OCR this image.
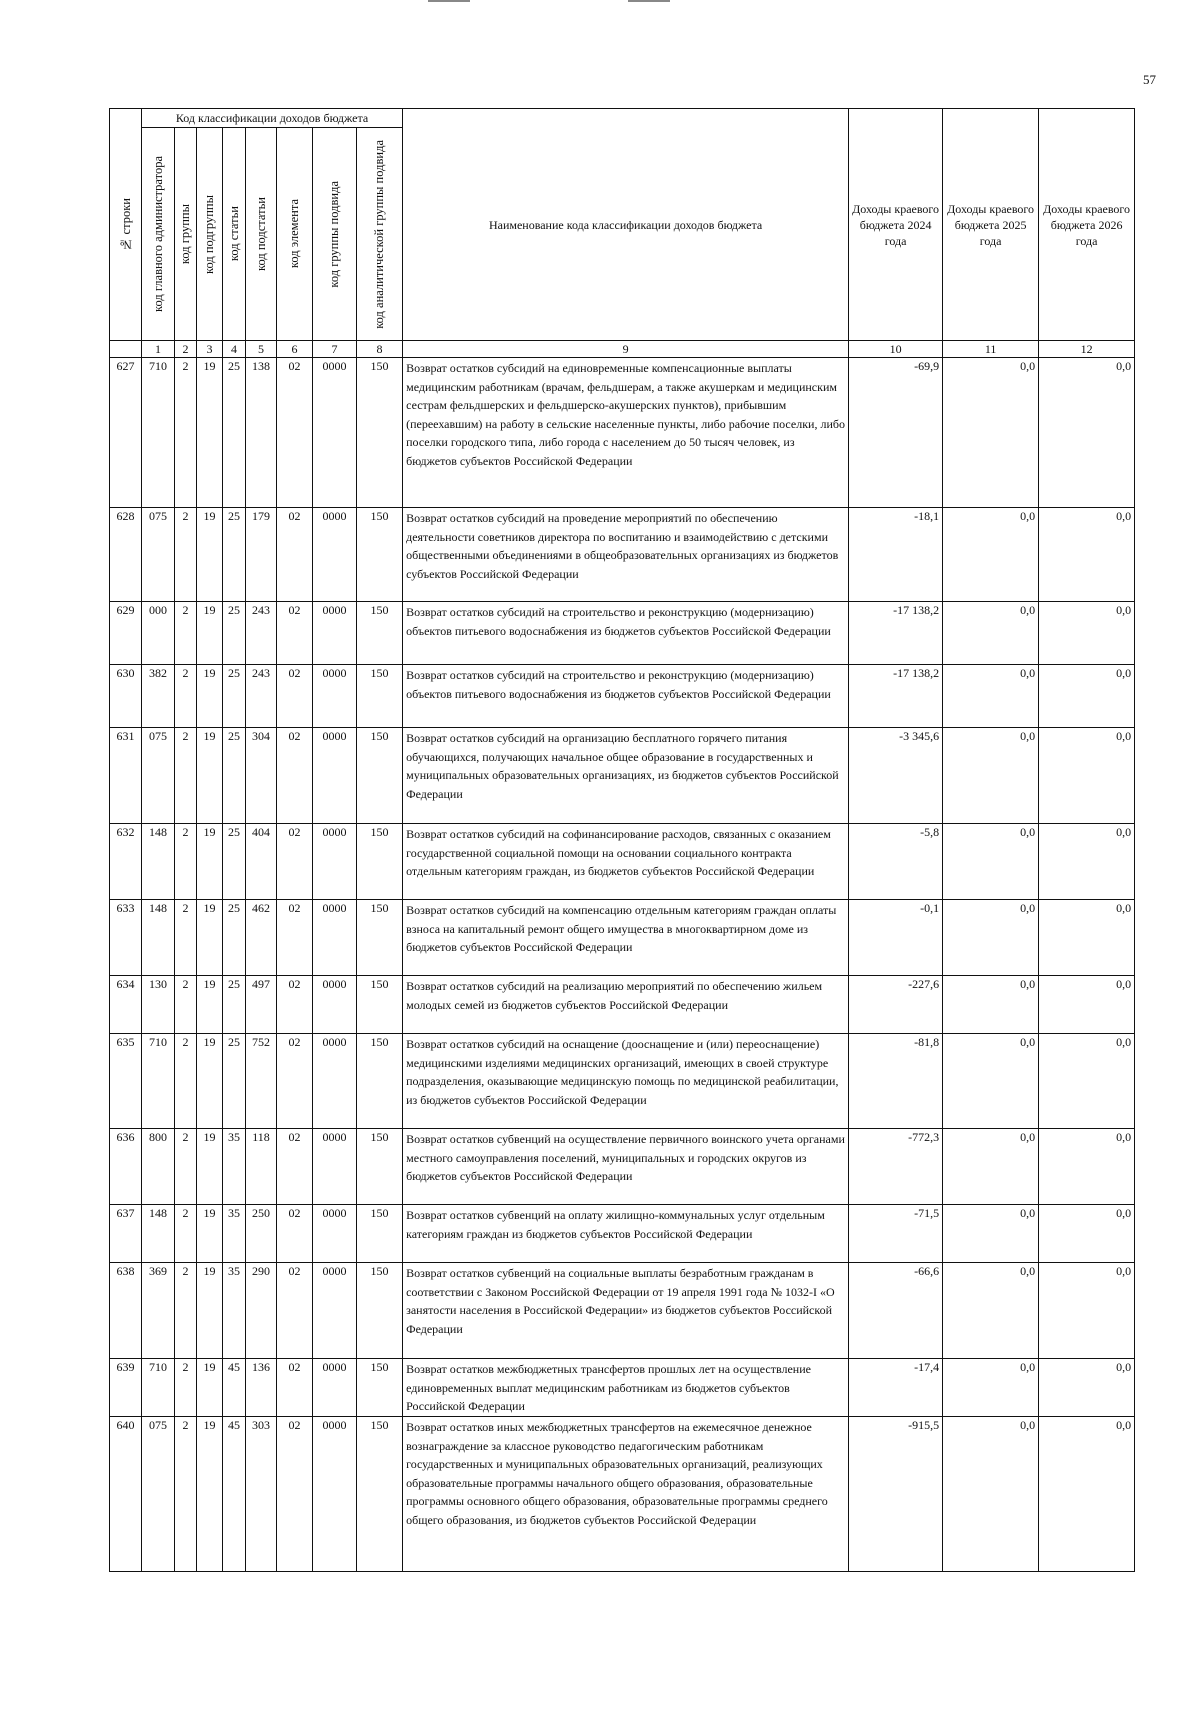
57
№ строки	Код классификации доходов бюджета								Наименование кода классификации доходов бюджета	Доходы краевого бюджета 2024 года	Доходы краевого бюджета 2025 года	Доходы краевого бюджета 2026 года

	код главного администратора	код группы	код подгруппы	код статьи	код подстатьи	код элемента	код группы подвида	код аналитической группы подвида				

	1	2	3	4	5	6	7	8	9	10	11	12
627	710	2	19	25	138	02	0000	150	Возврат остатков субсидий на единовременные компенсационные выплаты медицинским работникам (врачам, фельдшерам, а также акушеркам и медицинским сестрам фельдшерских и фельдшерско-акушерских пунктов), прибывшим (переехавшим) на работу в сельские населенные пункты, либо рабочие поселки, либо поселки городского типа, либо города с населением до 50 тысяч человек, из бюджетов субъектов Российской Федерации	-69,9	0,0	0,0
628	075	2	19	25	179	02	0000	150	Возврат остатков субсидий на проведение мероприятий по обеспечению деятельности советников директора по воспитанию и взаимодействию с детскими общественными объединениями в общеобразовательных организациях из бюджетов субъектов Российской Федерации	-18,1	0,0	0,0
629	000	2	19	25	243	02	0000	150	Возврат остатков субсидий на строительство и реконструкцию (модернизацию) объектов питьевого водоснабжения из бюджетов субъектов Российской Федерации	-17 138,2	0,0	0,0
630	382	2	19	25	243	02	0000	150	Возврат остатков субсидий на строительство и реконструкцию (модернизацию) объектов питьевого водоснабжения из бюджетов субъектов Российской Федерации	-17 138,2	0,0	0,0
631	075	2	19	25	304	02	0000	150	Возврат остатков субсидий на организацию бесплатного горячего питания обучающихся, получающих начальное общее образование в государственных и муниципальных образовательных организациях, из бюджетов субъектов Российской Федерации	-3 345,6	0,0	0,0
632	148	2	19	25	404	02	0000	150	Возврат остатков субсидий на софинансирование расходов, связанных с оказанием государственной социальной помощи на основании социального контракта отдельным категориям граждан, из бюджетов субъектов Российской Федерации	-5,8	0,0	0,0
633	148	2	19	25	462	02	0000	150	Возврат остатков субсидий на компенсацию отдельным категориям граждан оплаты взноса на капитальный ремонт общего имущества в многоквартирном доме из бюджетов субъектов Российской Федерации	-0,1	0,0	0,0
634	130	2	19	25	497	02	0000	150	Возврат остатков субсидий на реализацию мероприятий по обеспечению жильем молодых семей из бюджетов субъектов Российской Федерации	-227,6	0,0	0,0
635	710	2	19	25	752	02	0000	150	Возврат остатков субсидий на оснащение (дооснащение и (или) переоснащение) медицинскими изделиями медицинских организаций, имеющих в своей структуре подразделения, оказывающие медицинскую помощь по медицинской реабилитации, из бюджетов субъектов Российской Федерации	-81,8	0,0	0,0
636	800	2	19	35	118	02	0000	150	Возврат остатков субвенций на осуществление первичного воинского учета органами местного самоуправления поселений, муниципальных и городских округов из бюджетов субъектов Российской Федерации	-772,3	0,0	0,0
637	148	2	19	35	250	02	0000	150	Возврат остатков субвенций на оплату жилищно-коммунальных услуг отдельным категориям граждан из бюджетов субъектов Российской Федерации	-71,5	0,0	0,0
638	369	2	19	35	290	02	0000	150	Возврат остатков субвенций на социальные выплаты безработным гражданам в соответствии с Законом Российской Федерации от 19 апреля 1991 года № 1032-I «О занятости населения в Российской Федерации» из бюджетов субъектов Российской Федерации	-66,6	0,0	0,0
639	710	2	19	45	136	02	0000	150	Возврат остатков межбюджетных трансфертов прошлых лет на осуществление единовременных выплат медицинским работникам из бюджетов субъектов Российской Федерации	-17,4	0,0	0,0
640	075	2	19	45	303	02	0000	150	Возврат остатков иных межбюджетных трансфертов на ежемесячное денежное вознаграждение за классное руководство педагогическим работникам государственных и муниципальных образовательных организаций, реализующих образовательные программы начального общего образования, образовательные программы основного общего образования, образовательные программы среднего общего образования, из бюджетов субъектов Российской Федерации	-915,5	0,0	0,0
